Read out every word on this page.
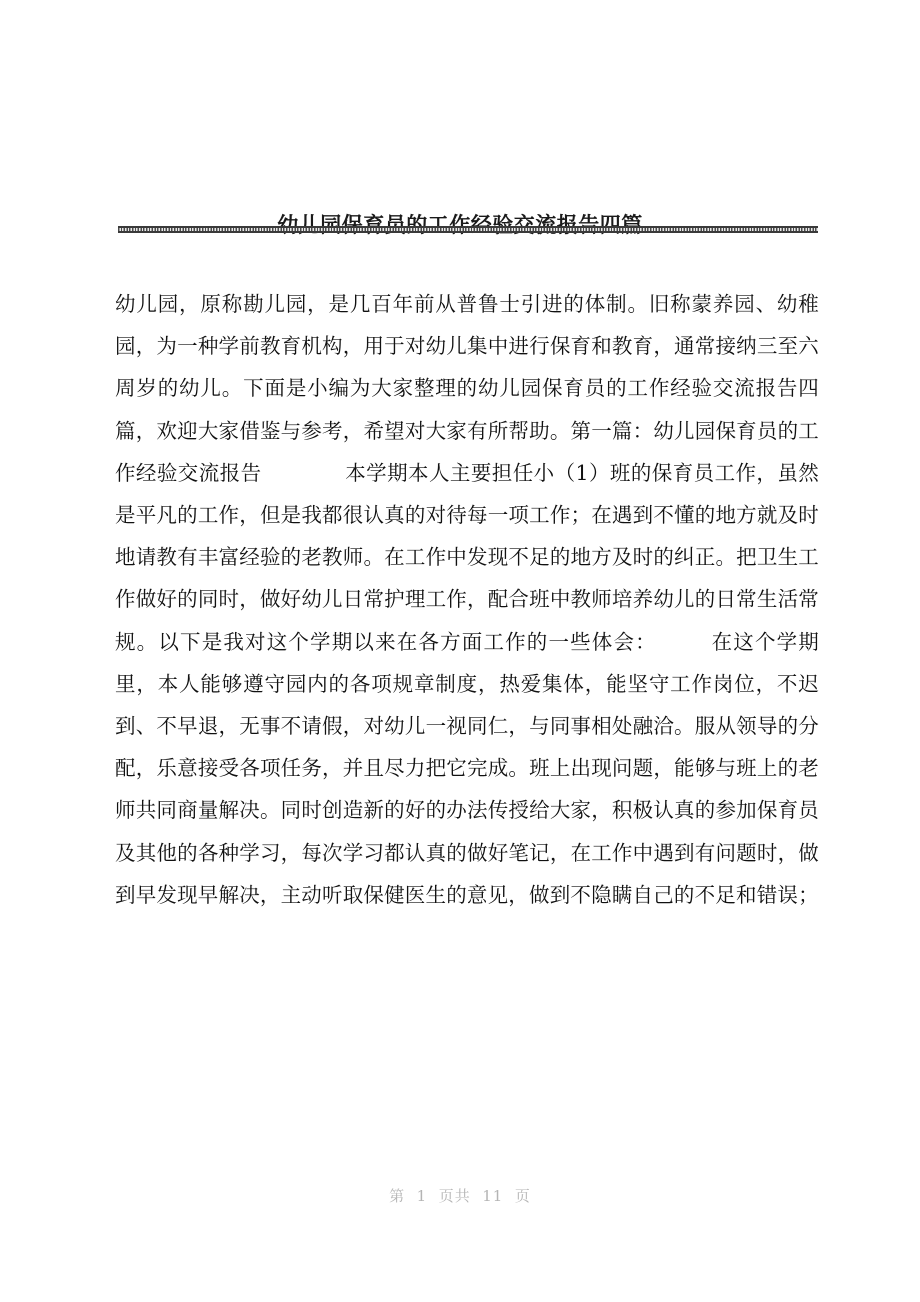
幼儿园，原称勘儿园，是几百年前从普鲁士引进的体制。旧称蒙养园、幼稚园，为一种学前教育机构，用于对幼儿集中进行保育和教育，通常接纳三至六周岁的幼儿。下面是小编为大家整理的幼儿园保育员的工作经验交流报告四篇，欢迎大家借鉴与参考，希望对大家有所帮助。第一篇：幼儿园保育员的工作经验交流报告　　　　本学期本人主要担任小（1）班的保育员工作，虽然是平凡的工作，但是我都很认真的对待每一项工作；在遇到不懂的地方就及时地请教有丰富经验的老教师。在工作中发现不足的地方及时的纠正。把卫生工作做好的同时，做好幼儿日常护理工作，配合班中教师培养幼儿的日常生活常规。以下是我对这个学期以来在各方面工作的一些体会：　　　在这个学期里，本人能够遵守园内的各项规章制度，热爱集体，能坚守工作岗位，不迟到、不早退，无事不请假，对幼儿一视同仁，与同事相处融洽。服从领导的分配，乐意接受各项任务，并且尽力把它完成。班上出现问题，能够与班上的老师共同商量解决。同时创造新的好的办法传授给大家，积极认真的参加保育员及其他的各种学习，每次学习都认真的做好笔记，在工作中遇到有问题时，做到早发现早解决，主动听取保健医生的意见，做到不隐瞒自己的不足和错误；
第  1  页共  11  页
